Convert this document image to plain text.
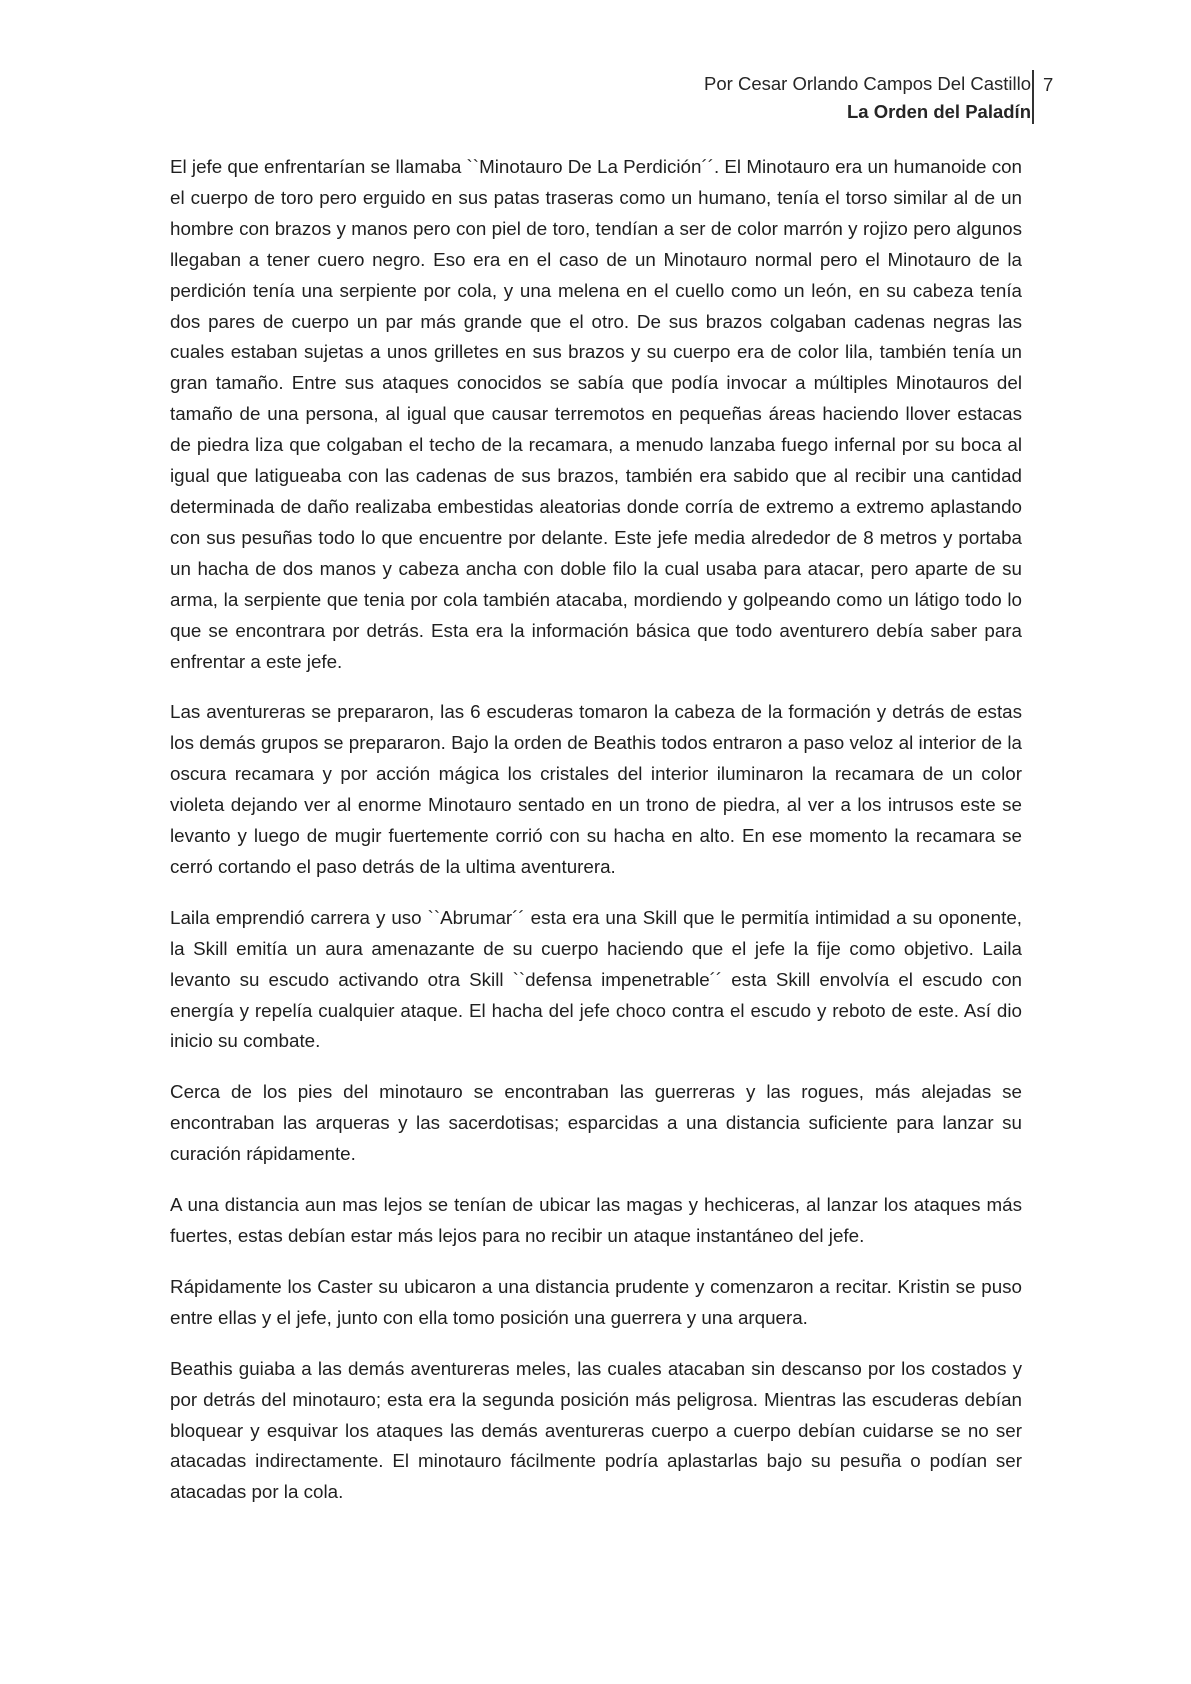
Por Cesar Orlando Campos Del Castillo
La Orden del Paladín
7

El jefe que enfrentarían se llamaba ``Minotauro De La Perdición´´. El Minotauro era un humanoide con el cuerpo de toro pero erguido en sus patas traseras como un humano, tenía el torso similar al de un hombre con brazos y manos pero con piel de toro, tendían a ser de color marrón y rojizo pero algunos llegaban a tener cuero negro. Eso era en el caso de un Minotauro normal pero el Minotauro de la perdición tenía una serpiente por cola, y una melena en el cuello como un león, en su cabeza tenía dos pares de cuerpo un par más grande que el otro. De sus brazos colgaban cadenas negras las cuales estaban sujetas a unos grilletes en sus brazos y su cuerpo era de color lila, también tenía un gran tamaño. Entre sus ataques conocidos se sabía que podía invocar a múltiples Minotauros del tamaño de una persona, al igual que causar terremotos en pequeñas áreas haciendo llover estacas de piedra liza que colgaban el techo de la recamara, a menudo lanzaba fuego infernal por su boca al igual que latigueaba con las cadenas de sus brazos, también era sabido que al recibir una cantidad determinada de daño realizaba embestidas aleatorias donde corría de extremo a extremo aplastando con sus pesuñas todo lo que encuentre por delante. Este jefe media alrededor de 8 metros y portaba un hacha de dos manos y cabeza ancha con doble filo la cual usaba para atacar, pero aparte de su arma, la serpiente que tenia por cola también atacaba, mordiendo y golpeando como un látigo todo lo que se encontrara por detrás. Esta era la información básica que todo aventurero debía saber para enfrentar a este jefe.

Las aventureras se prepararon, las 6 escuderas tomaron la cabeza de la formación y detrás de estas los demás grupos se prepararon. Bajo la orden de Beathis todos entraron a paso veloz al interior de la oscura recamara y por acción mágica los cristales del interior iluminaron la recamara de un color violeta dejando ver al enorme Minotauro sentado en un trono de piedra, al ver a los intrusos este se levanto y luego de mugir fuertemente corrió con su hacha en alto. En ese momento la recamara se cerró cortando el paso detrás de la ultima aventurera.

Laila emprendió carrera y uso ``Abrumar´´ esta era una Skill que le permitía intimidad a su oponente, la Skill emitía un aura amenazante de su cuerpo haciendo que el jefe la fije como objetivo. Laila levanto su escudo activando otra Skill ``defensa impenetrable´´ esta Skill envolvía el escudo con energía y repelía cualquier ataque. El hacha del jefe choco contra el escudo y reboto de este. Así dio inicio su combate.

Cerca de los pies del minotauro se encontraban las guerreras y las rogues, más alejadas se encontraban las arqueras y las sacerdotisas; esparcidas a una distancia suficiente para lanzar su curación rápidamente.

A una distancia aun mas lejos se tenían de ubicar las magas y hechiceras, al lanzar los ataques más fuertes, estas debían estar más lejos para no recibir un ataque instantáneo del jefe.

Rápidamente los Caster su ubicaron a una distancia prudente y comenzaron a recitar. Kristin se puso entre ellas y el jefe, junto con ella tomo posición una guerrera y una arquera.

Beathis guiaba a las demás aventureras meles, las cuales atacaban sin descanso por los costados y por detrás del minotauro; esta era la segunda posición más peligrosa. Mientras las escuderas debían bloquear y esquivar los ataques las demás aventureras cuerpo a cuerpo debían cuidarse se no ser atacadas indirectamente. El minotauro fácilmente podría aplastarlas bajo su pesuña o podían ser atacadas por la cola.
